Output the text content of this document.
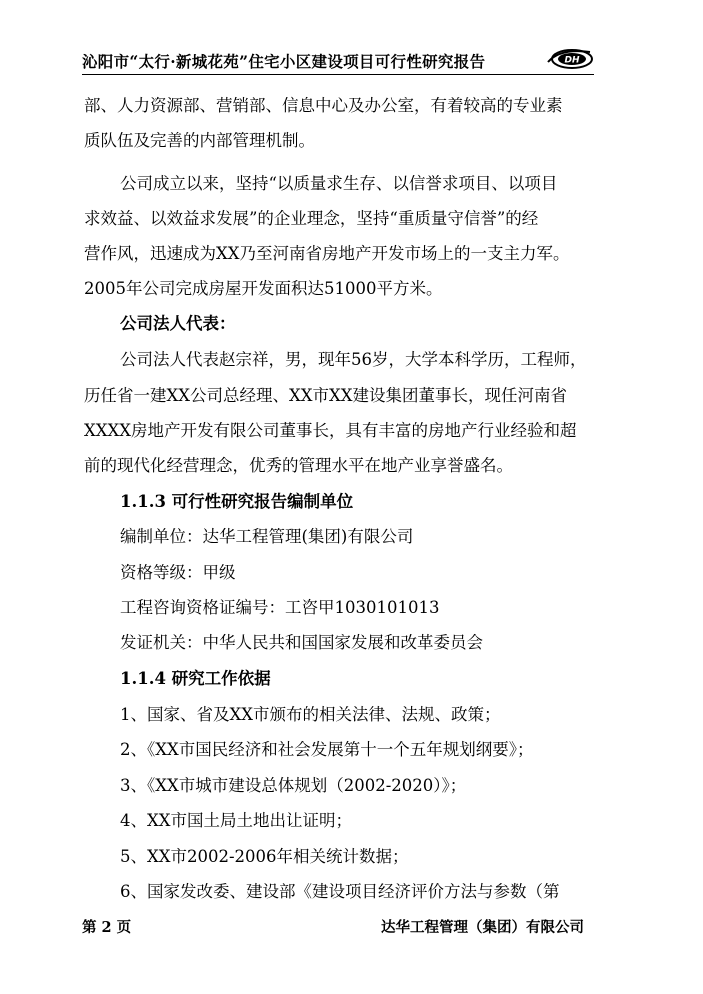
沁阳市“太行·新城花苑”住宅小区建设项目可行性研究报告	DH
部、人力资源部、营销部、信息中心及办公室，有着较高的专业素
质队伍及完善的内部管理机制。
公司成立以来，坚持“以质量求生存、以信誉求项目、以项目
求效益、以效益求发展”的企业理念，坚持“重质量守信誉”的经
营作风，迅速成为XX乃至河南省房地产开发市场上的一支主力军。
2005年公司完成房屋开发面积达51000平方米。
公司法人代表：
公司法人代表赵宗祥，男，现年56岁，大学本科学历，工程师，
历任省一建XX公司总经理、XX市XX建设集团董事长，现任河南省
XXXX房地产开发有限公司董事长，具有丰富的房地产行业经验和超
前的现代化经营理念，优秀的管理水平在地产业享誉盛名。
1.1.3 可行性研究报告编制单位
编制单位：达华工程管理(集团)有限公司
资格等级：甲级
工程咨询资格证编号：工咨甲1030101013
发证机关：中华人民共和国国家发展和改革委员会
1.1.4 研究工作依据
1、国家、省及XX市颁布的相关法律、法规、政策；
2、《XX市国民经济和社会发展第十一个五年规划纲要》；
3、《XX市城市建设总体规划（2002-2020）》；
4、XX市国土局土地出让证明；
5、XX市2002-2006年相关统计数据；
6、国家发改委、建设部《建设项目经济评价方法与参数（第
第 2 页	达华工程管理（集团）有限公司
